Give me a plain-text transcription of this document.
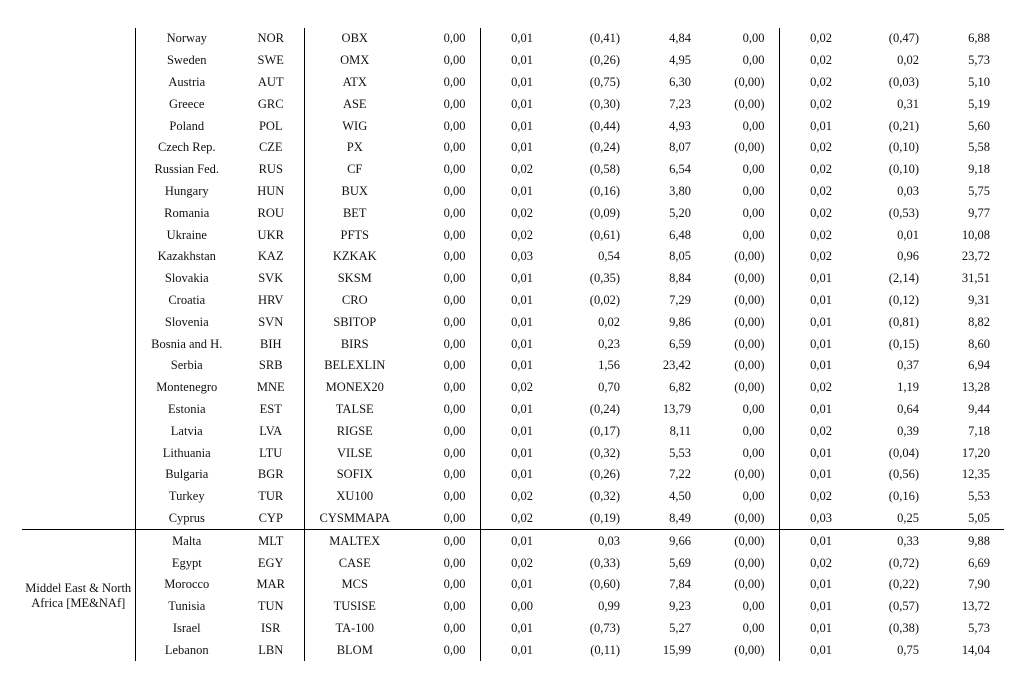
	Norway	NOR	OBX	0,00	0,01	(0,41)	4,84	0,00	0,02	(0,47)	6,88
	Sweden	SWE	OMX	0,00	0,01	(0,26)	4,95	0,00	0,02	0,02	5,73
	Austria	AUT	ATX	0,00	0,01	(0,75)	6,30	(0,00)	0,02	(0,03)	5,10
	Greece	GRC	ASE	0,00	0,01	(0,30)	7,23	(0,00)	0,02	0,31	5,19
	Poland	POL	WIG	0,00	0,01	(0,44)	4,93	0,00	0,01	(0,21)	5,60
	Czech Rep.	CZE	PX	0,00	0,01	(0,24)	8,07	(0,00)	0,02	(0,10)	5,58
	Russian Fed.	RUS	CF	0,00	0,02	(0,58)	6,54	0,00	0,02	(0,10)	9,18
	Hungary	HUN	BUX	0,00	0,01	(0,16)	3,80	0,00	0,02	0,03	5,75
	Romania	ROU	BET	0,00	0,02	(0,09)	5,20	0,00	0,02	(0,53)	9,77
	Ukraine	UKR	PFTS	0,00	0,02	(0,61)	6,48	0,00	0,02	0,01	10,08
	Kazakhstan	KAZ	KZKAK	0,00	0,03	0,54	8,05	(0,00)	0,02	0,96	23,72
	Slovakia	SVK	SKSM	0,00	0,01	(0,35)	8,84	(0,00)	0,01	(2,14)	31,51
	Croatia	HRV	CRO	0,00	0,01	(0,02)	7,29	(0,00)	0,01	(0,12)	9,31
	Slovenia	SVN	SBITOP	0,00	0,01	0,02	9,86	(0,00)	0,01	(0,81)	8,82
	Bosnia and H.	BIH	BIRS	0,00	0,01	0,23	6,59	(0,00)	0,01	(0,15)	8,60
	Serbia	SRB	BELEXLIN	0,00	0,01	1,56	23,42	(0,00)	0,01	0,37	6,94
	Montenegro	MNE	MONEX20	0,00	0,02	0,70	6,82	(0,00)	0,02	1,19	13,28
	Estonia	EST	TALSE	0,00	0,01	(0,24)	13,79	0,00	0,01	0,64	9,44
	Latvia	LVA	RIGSE	0,00	0,01	(0,17)	8,11	0,00	0,02	0,39	7,18
	Lithuania	LTU	VILSE	0,00	0,01	(0,32)	5,53	0,00	0,01	(0,04)	17,20
	Bulgaria	BGR	SOFIX	0,00	0,01	(0,26)	7,22	(0,00)	0,01	(0,56)	12,35
	Turkey	TUR	XU100	0,00	0,02	(0,32)	4,50	0,00	0,02	(0,16)	5,53
	Cyprus	CYP	CYSMMAPA	0,00	0,02	(0,19)	8,49	(0,00)	0,03	0,25	5,05
Middel East & North Africa [ME&NAf]	Malta	MLT	MALTEX	0,00	0,01	0,03	9,66	(0,00)	0,01	0,33	9,88
	Egypt	EGY	CASE	0,00	0,02	(0,33)	5,69	(0,00)	0,02	(0,72)	6,69
	Morocco	MAR	MCS	0,00	0,01	(0,60)	7,84	(0,00)	0,01	(0,22)	7,90
	Tunisia	TUN	TUSISE	0,00	0,00	0,99	9,23	0,00	0,01	(0,57)	13,72
	Israel	ISR	TA-100	0,00	0,01	(0,73)	5,27	0,00	0,01	(0,38)	5,73
	Lebanon	LBN	BLOM	0,00	0,01	(0,11)	15,99	(0,00)	0,01	0,75	14,04
